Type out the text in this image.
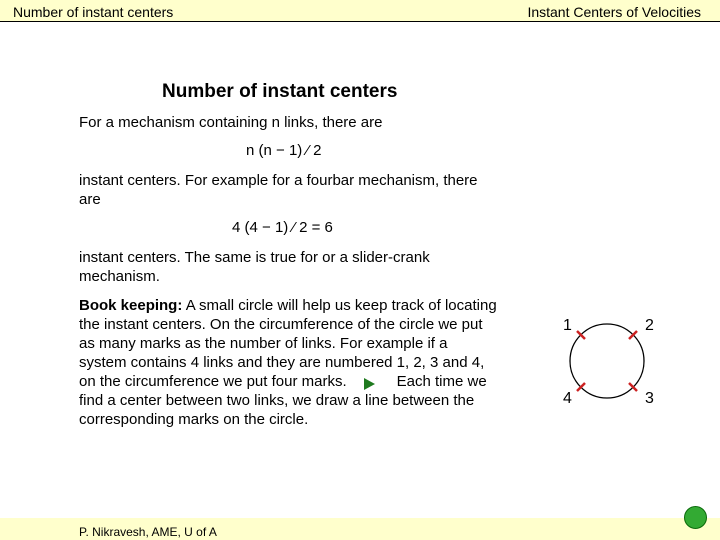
Number of instant centers	Instant Centers of Velocities
Number of instant centers
For a mechanism containing n links, there are
n (n − 1) ⁄ 2
instant centers. For example for a fourbar mechanism, there are
4 (4 − 1) ⁄ 2 = 6
instant centers. The same is true for or a slider-crank mechanism.
Book keeping: A small circle will help us keep track of locating the instant centers. On the circumference of the circle we put as many marks as the number of links. For example if a system contains 4 links and they are numbered 1, 2, 3 and 4, on the circumference we put four marks.	Each time we find a center between two links, we draw a line between the corresponding marks on the circle.
1	2
3
4
P. Nikravesh, AME, U of A
